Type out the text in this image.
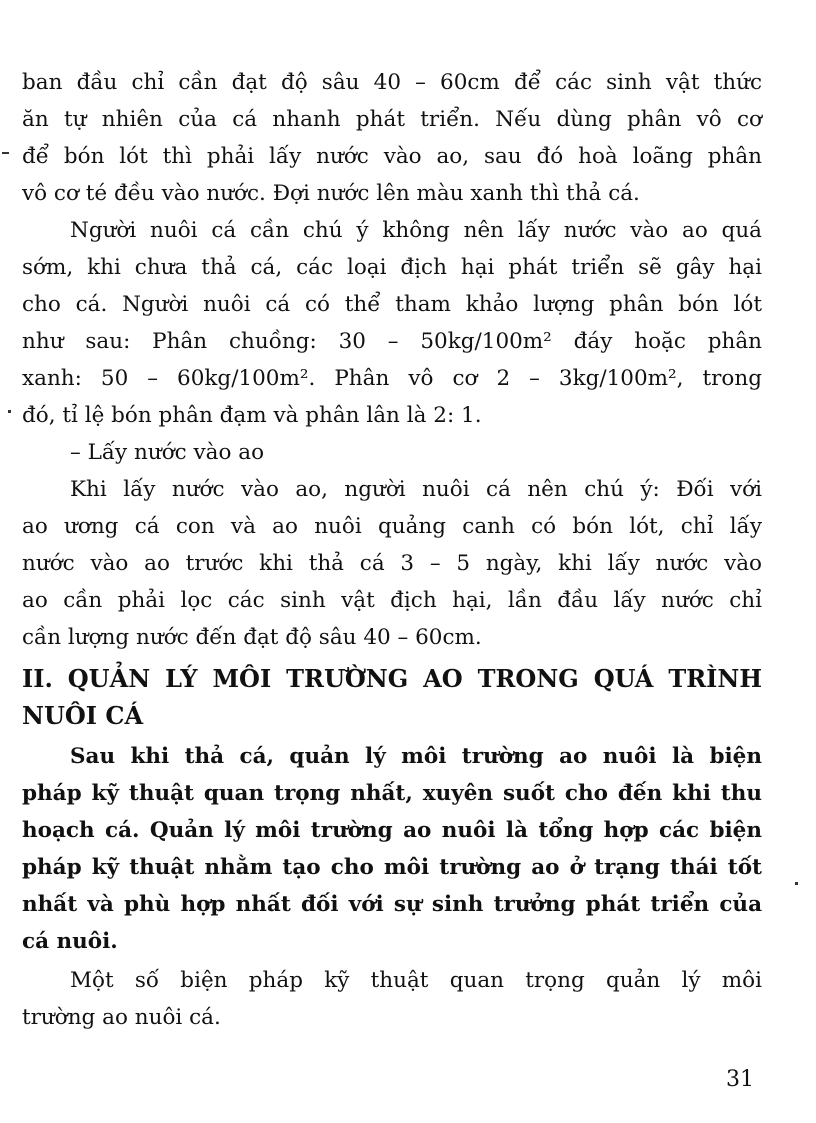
ban đầu chỉ cần đạt độ sâu 40 – 60cm để các sinh vật thức
ăn tự nhiên của cá nhanh phát triển. Nếu dùng phân vô cơ
để bón lót thì phải lấy nước vào ao, sau đó hoà loãng phân
vô cơ té đều vào nước. Đợi nước lên màu xanh thì thả cá.
Người nuôi cá cần chú ý không nên lấy nước vào ao quá
sớm, khi chưa thả cá, các loại địch hại phát triển sẽ gây hại
cho cá. Người nuôi cá có thể tham khảo lượng phân bón lót
như sau: Phân chuồng: 30 – 50kg/100m² đáy hoặc phân
xanh: 50 – 60kg/100m². Phân vô cơ 2 – 3kg/100m², trong
đó, tỉ lệ bón phân đạm và phân lân là 2: 1.
– Lấy nước vào ao
Khi lấy nước vào ao, người nuôi cá nên chú ý: Đối với
ao ương cá con và ao nuôi quảng canh có bón lót, chỉ lấy
nước vào ao trước khi thả cá 3 – 5 ngày, khi lấy nước vào
ao cần phải lọc các sinh vật địch hại, lần đầu lấy nước chỉ
cần lượng nước đến đạt độ sâu 40 – 60cm.
II. QUẢN LÝ MÔI TRƯỜNG AO TRONG QUÁ TRÌNH
NUÔI CÁ
Sau khi thả cá, quản lý môi trường ao nuôi là biện
pháp kỹ thuật quan trọng nhất, xuyên suốt cho đến khi thu
hoạch cá. Quản lý môi trường ao nuôi là tổng hợp các biện
pháp kỹ thuật nhằm tạo cho môi trường ao ở trạng thái tốt
nhất và phù hợp nhất đối với sự sinh trưởng phát triển của
cá nuôi.
Một số biện pháp kỹ thuật quan trọng quản lý môi
trường ao nuôi cá.
31
